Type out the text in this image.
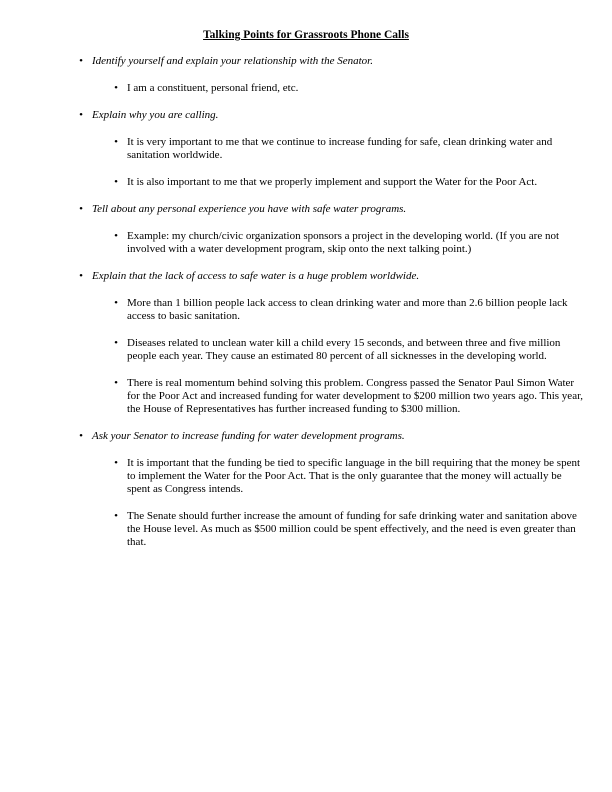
Talking Points for Grassroots Phone Calls
• Identify yourself and explain your relationship with the Senator.
• I am a constituent, personal friend, etc.
• Explain why you are calling.
• It is very important to me that we continue to increase funding for safe, clean drinking water and sanitation worldwide.
• It is also important to me that we properly implement and support the Water for the Poor Act.
• Tell about any personal experience you have with safe water programs.
• Example: my church/civic organization sponsors a project in the developing world. (If you are not involved with a water development program, skip onto the next talking point.)
• Explain that the lack of access to safe water is a huge problem worldwide.
• More than 1 billion people lack access to clean drinking water and more than 2.6 billion people lack access to basic sanitation.
• Diseases related to unclean water kill a child every 15 seconds, and between three and five million people each year. They cause an estimated 80 percent of all sicknesses in the developing world.
• There is real momentum behind solving this problem. Congress passed the Senator Paul Simon Water for the Poor Act and increased funding for water development to $200 million two years ago. This year, the House of Representatives has further increased funding to $300 million.
• Ask your Senator to increase funding for water development programs.
• It is important that the funding be tied to specific language in the bill requiring that the money be spent to implement the Water for the Poor Act. That is the only guarantee that the money will actually be spent as Congress intends.
• The Senate should further increase the amount of funding for safe drinking water and sanitation above the House level. As much as $500 million could be spent effectively, and the need is even greater than that.
